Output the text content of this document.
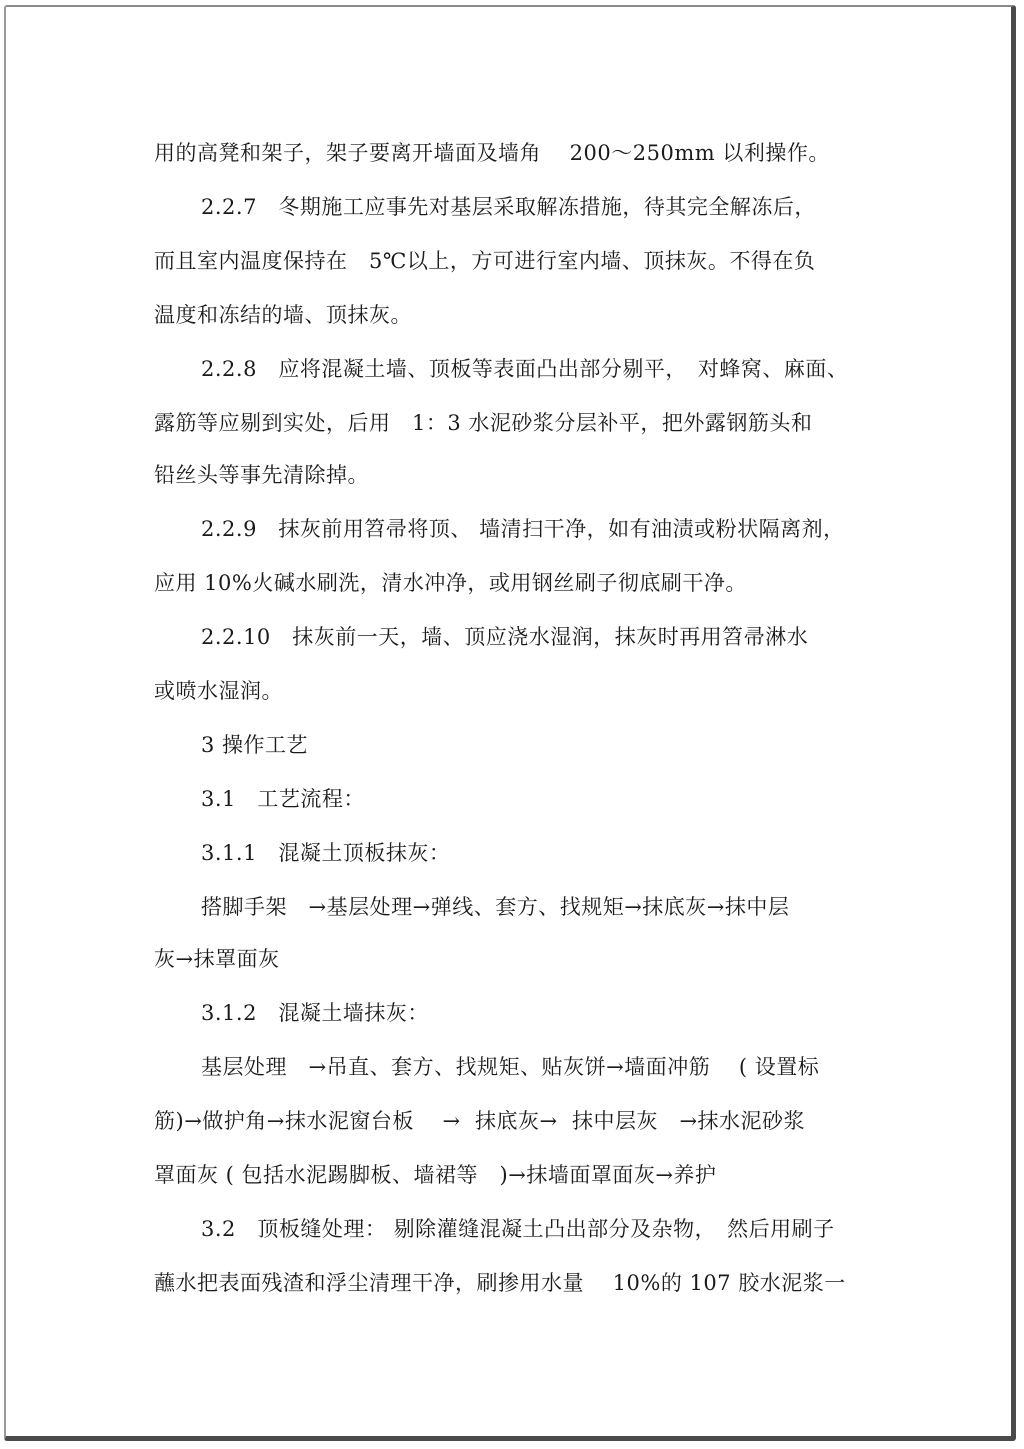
用的高凳和架子，架子要离开墙面及墙角　 200～250mm 以利操作。
2.2.7　冬期施工应事先对基层采取解冻措施，待其完全解冻后，
而且室内温度保持在　5℃以上，方可进行室内墙、顶抹灰。不得在负
温度和冻结的墙、顶抹灰。
2.2.8　应将混凝土墙、顶板等表面凸出部分剔平，　对蜂窝、麻面、
露筋等应剔到实处，后用　1：3 水泥砂浆分层补平，把外露钢筋头和
铅丝头等事先清除掉。
2.2.9　抹灰前用笤帚将顶、 墙清扫干净，如有油渍或粉状隔离剂，
应用 10%火碱水刷洗，清水冲净，或用钢丝刷子彻底刷干净。
2.2.10　抹灰前一天，墙、顶应浇水湿润，抹灰时再用笤帚淋水
或喷水湿润。
3 操作工艺
3.1　工艺流程：
3.1.1　混凝土顶板抹灰：
搭脚手架　→基层处理→弹线、套方、找规矩→抹底灰→抹中层
灰→抹罩面灰
3.1.2　混凝土墙抹灰：
基层处理　→吊直、套方、找规矩、贴灰饼→墙面冲筋　 ( 设置标
筋)→做护角→抹水泥窗台板　 →  抹底灰→  抹中层灰　→抹水泥砂浆
罩面灰 ( 包括水泥踢脚板、墙裙等　)→抹墙面罩面灰→养护
3.2　顶板缝处理： 剔除灌缝混凝土凸出部分及杂物，　然后用刷子
蘸水把表面残渣和浮尘清理干净，刷掺用水量　 10%的 107 胶水泥浆一
